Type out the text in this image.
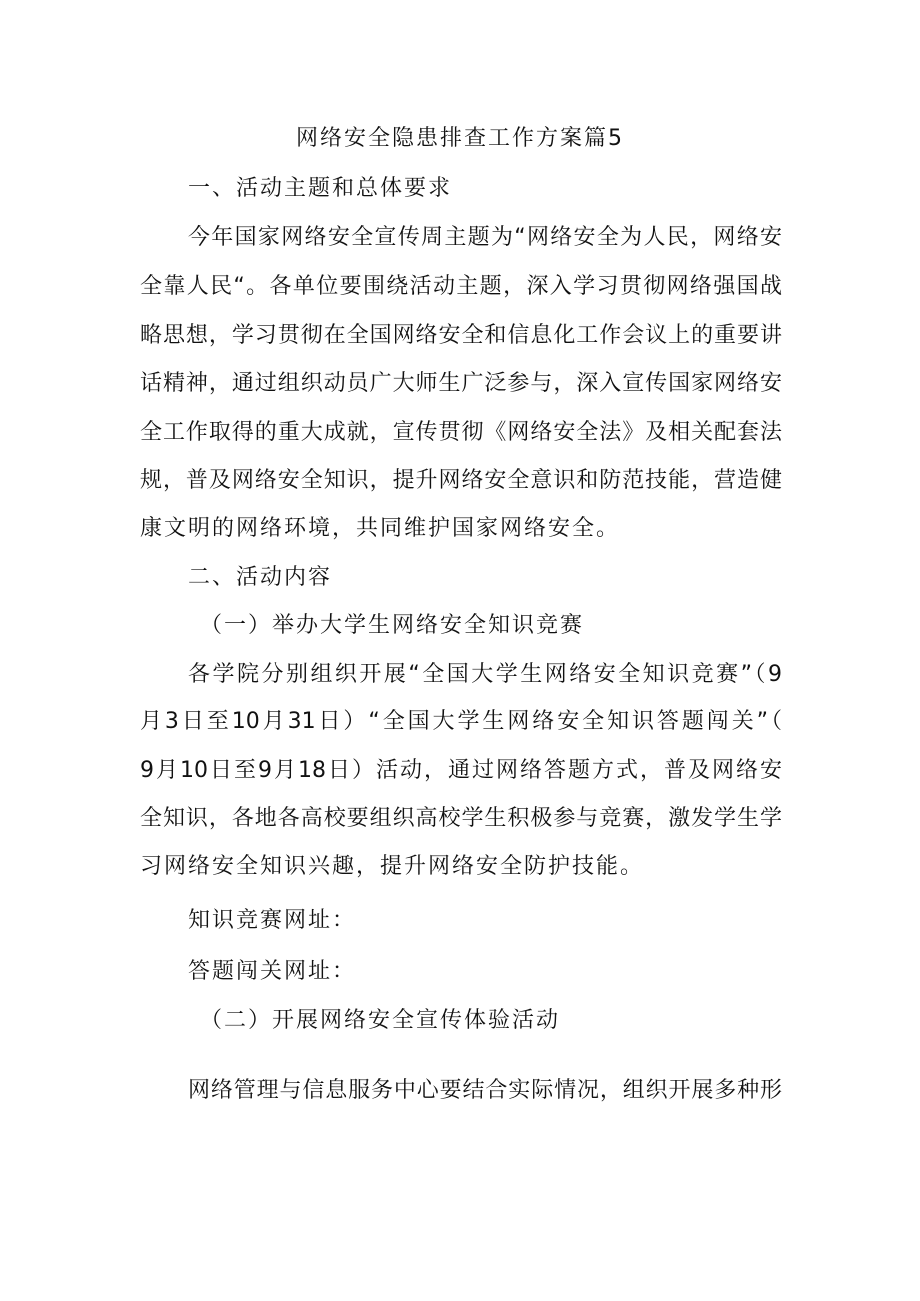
网络安全隐患排查工作方案篇5
一、活动主题和总体要求
今年国家网络安全宣传周主题为“网络安全为人民，网络安
全靠人民“。各单位要围绕活动主题，深入学习贯彻网络强国战
略思想，学习贯彻在全国网络安全和信息化工作会议上的重要讲
话精神，通过组织动员广大师生广泛参与，深入宣传国家网络安
全工作取得的重大成就，宣传贯彻《网络安全法》及相关配套法
规，普及网络安全知识，提升网络安全意识和防范技能，营造健
康文明的网络环境，共同维护国家网络安全。
二、活动内容
（一）举办大学生网络安全知识竞赛
各学院分别组织开展“全国大学生网络安全知识竞赛”（9
月3日至10月31日）“全国大学生网络安全知识答题闯关”（
9月10日至9月18日）活动，通过网络答题方式，普及网络安
全知识，各地各高校要组织高校学生积极参与竞赛，激发学生学
习网络安全知识兴趣，提升网络安全防护技能。
知识竞赛网址：
答题闯关网址：
（二）开展网络安全宣传体验活动
网络管理与信息服务中心要结合实际情况，组织开展多种形
